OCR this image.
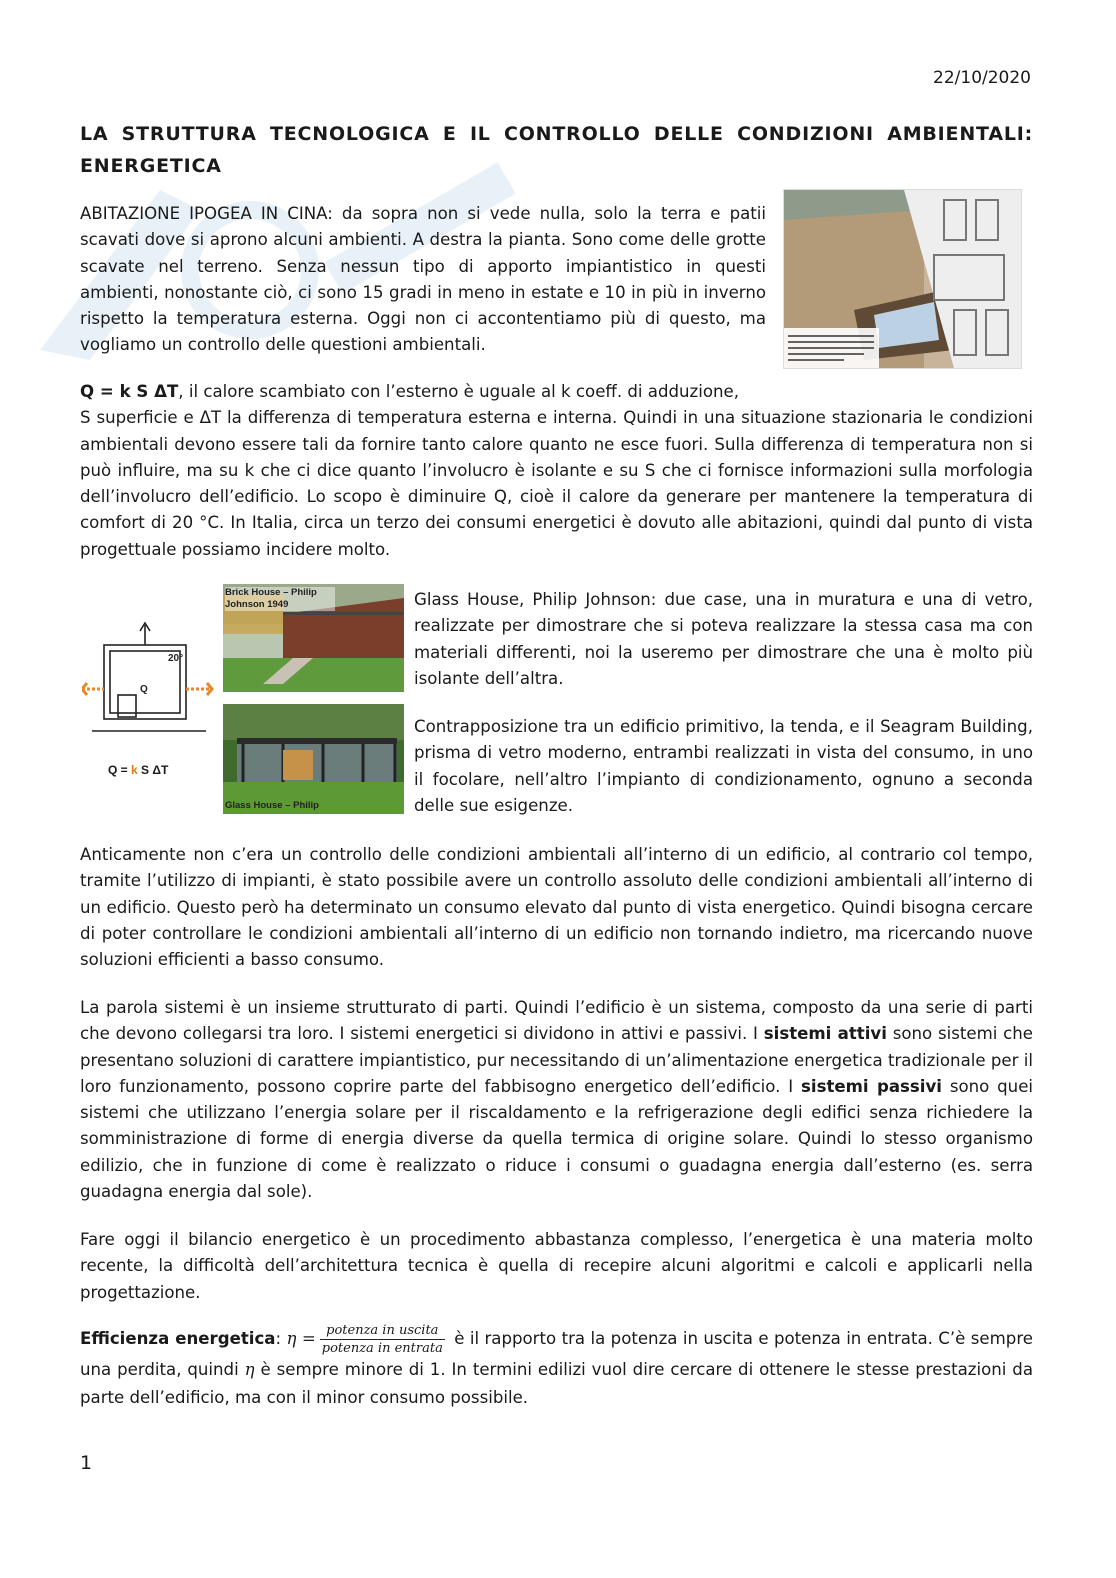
22/10/2020
LA STRUTTURA TECNOLOGICA E IL CONTROLLO DELLE CONDIZIONI AMBIENTALI: ENERGETICA

ABITAZIONE IPOGEA IN CINA: da sopra non si vede nulla, solo la terra e patii scavati dove si aprono alcuni ambienti. A destra la pianta. Sono come delle grotte scavate nel terreno. Senza nessun tipo di apporto impiantistico in questi ambienti, nonostante ciò, ci sono 15 gradi in meno in estate e 10 in più in inverno rispetto la temperatura esterna. Oggi non ci accontentiamo più di questo, ma vogliamo un controllo delle questioni ambientali.

Q = k S ΔT, il calore scambiato con l’esterno è uguale al k coeff. di adduzione,
S superficie e ΔT la differenza di temperatura esterna e interna. Quindi in una situazione stazionaria le condizioni ambientali devono essere tali da fornire tanto calore quanto ne esce fuori. Sulla differenza di temperatura non si può influire, ma su k che ci dice quanto l’involucro è isolante e su S che ci fornisce informazioni sulla morfologia dell’involucro dell’edificio. Lo scopo è diminuire Q, cioè il calore da generare per mantenere la temperatura di comfort di 20 °C. In Italia, circa un terzo dei consumi energetici è dovuto alle abitazioni, quindi dal punto di vista progettuale possiamo incidere molto.

Q
20°
Q = k S ΔT
Brick House – Philip Johnson 1949
Glass House – Philip

Glass House, Philip Johnson: due case, una in muratura e una di vetro, realizzate per dimostrare che si poteva realizzare la stessa casa ma con materiali differenti, noi la useremo per dimostrare che una è molto più isolante dell’altra.

Contrapposizione tra un edificio primitivo, la tenda, e il Seagram Building, prisma di vetro moderno, entrambi realizzati in vista del consumo, in uno il focolare, nell’altro l’impianto di condizionamento, ognuno a seconda delle sue esigenze.

Anticamente non c’era un controllo delle condizioni ambientali all’interno di un edificio, al contrario col tempo, tramite l’utilizzo di impianti, è stato possibile avere un controllo assoluto delle condizioni ambientali all’interno di un edificio. Questo però ha determinato un consumo elevato dal punto di vista energetico. Quindi bisogna cercare di poter controllare le condizioni ambientali all’interno di un edificio non tornando indietro, ma ricercando nuove soluzioni efficienti a basso consumo.

La parola sistemi è un insieme strutturato di parti. Quindi l’edificio è un sistema, composto da una serie di parti che devono collegarsi tra loro. I sistemi energetici si dividono in attivi e passivi. I sistemi attivi sono sistemi che presentano soluzioni di carattere impiantistico, pur necessitando di un’alimentazione energetica tradizionale per il loro funzionamento, possono coprire parte del fabbisogno energetico dell’edificio. I sistemi passivi sono quei sistemi che utilizzano l’energia solare per il riscaldamento e la refrigerazione degli edifici senza richiedere la somministrazione di forme di energia diverse da quella termica di origine solare. Quindi lo stesso organismo edilizio, che in funzione di come è realizzato o riduce i consumi o guadagna energia dall’esterno (es. serra guadagna energia dal sole).

Fare oggi il bilancio energetico è un procedimento abbastanza complesso, l’energetica è una materia molto recente, la difficoltà dell’architettura tecnica è quella di recepire alcuni algoritmi e calcoli e applicarli nella progettazione.

Efficienza energetica: $\eta = \frac{\text{potenza in uscita}}{\text{potenza in entrata}}$ è il rapporto tra la potenza in uscita e potenza in entrata. C’è sempre una perdita, quindi η è sempre minore di 1. In termini edilizi vuol dire cercare di ottenere le stesse prestazioni da parte dell’edificio, ma con il minor consumo possibile.

1
